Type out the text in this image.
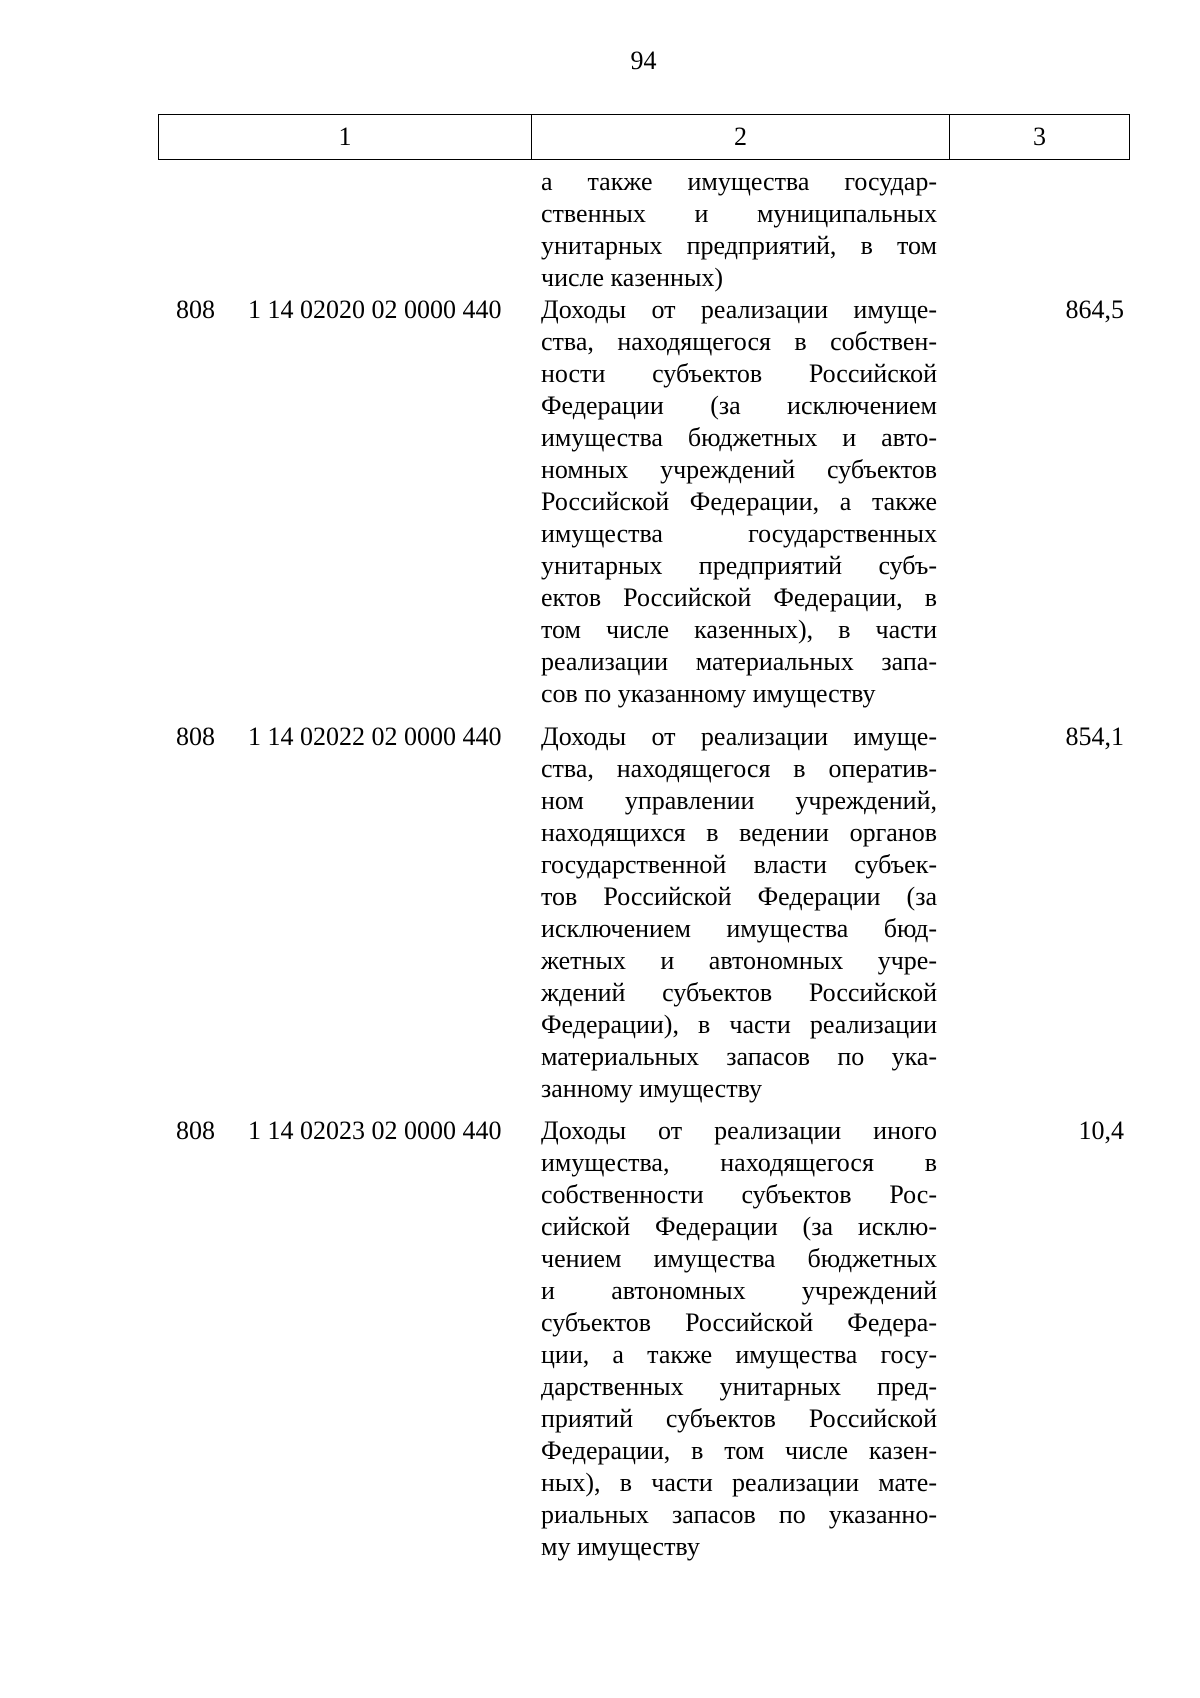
94
1	2	3
а также имущества государ-
ственных и муниципальных
унитарных предприятий, в том
числе казенных)
808 1 14 02020 02 0000 440	Доходы от реализации имуще-
ства, находящегося в собствен-
ности субъектов Российской
Федерации (за исключением
имущества бюджетных и авто-
номных учреждений субъектов
Российской Федерации, а также
имущества государственных
унитарных предприятий субъ-
ектов Российской Федерации, в
том числе казенных), в части
реализации материальных запа-
сов по указанному имуществу
864,5
808 1 14 02022 02 0000 440	Доходы от реализации имуще-
ства, находящегося в оператив-
ном управлении учреждений,
находящихся в ведении органов
государственной власти субъек-
тов Российской Федерации (за
исключением имущества бюд-
жетных и автономных учре-
ждений субъектов Российской
Федерации), в части реализации
материальных запасов по ука-
занному имуществу
854,1
808 1 14 02023 02 0000 440	Доходы от реализации иного
имущества, находящегося в
собственности субъектов Рос-
сийской Федерации (за исклю-
чением имущества бюджетных
и автономных учреждений
субъектов Российской Федера-
ции, а также имущества госу-
дарственных унитарных пред-
приятий субъектов Российской
Федерации, в том числе казен-
ных), в части реализации мате-
риальных запасов по указанно-
му имуществу
10,4
